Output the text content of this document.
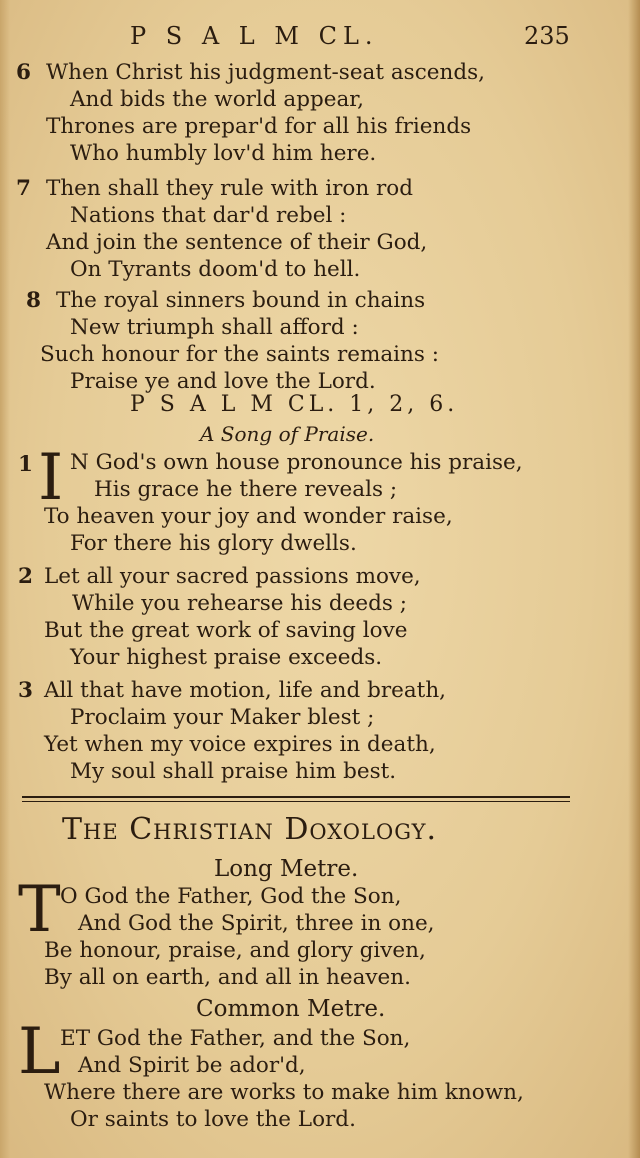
P S A L M CL.	235
6 When Christ his judgment-seat ascends,
And bids the world appear,
Thrones are prepar'd for all his friends
Who humbly lov'd him here.
7 Then shall they rule with iron rod
Nations that dar'd rebel :
And join the sentence of their God,
On Tyrants doom'd to hell.
8 The royal sinners bound in chains
New triumph shall afford :
Such honour for the saints remains :
Praise ye and love the Lord.
P S A L M CL. 1, 2, 6.
A Song of Praise.
1 I N God's own house pronounce his praise,
His grace he there reveals ;
To heaven your joy and wonder raise,
For there his glory dwells.
2 Let all your sacred passions move,
While you rehearse his deeds ;
But the great work of saving love
Your highest praise exceeds.
3 All that have motion, life and breath,
Proclaim your Maker blest ;
Yet when my voice expires in death,
My soul shall praise him best.
The Christian Doxology.
Long Metre.
T O God the Father, God the Son,
And God the Spirit, three in one,
Be honour, praise, and glory given,
By all on earth, and all in heaven.
Common Metre.
L ET God the Father, and the Son,
And Spirit be ador'd,
Where there are works to make him known,
Or saints to love the Lord.
